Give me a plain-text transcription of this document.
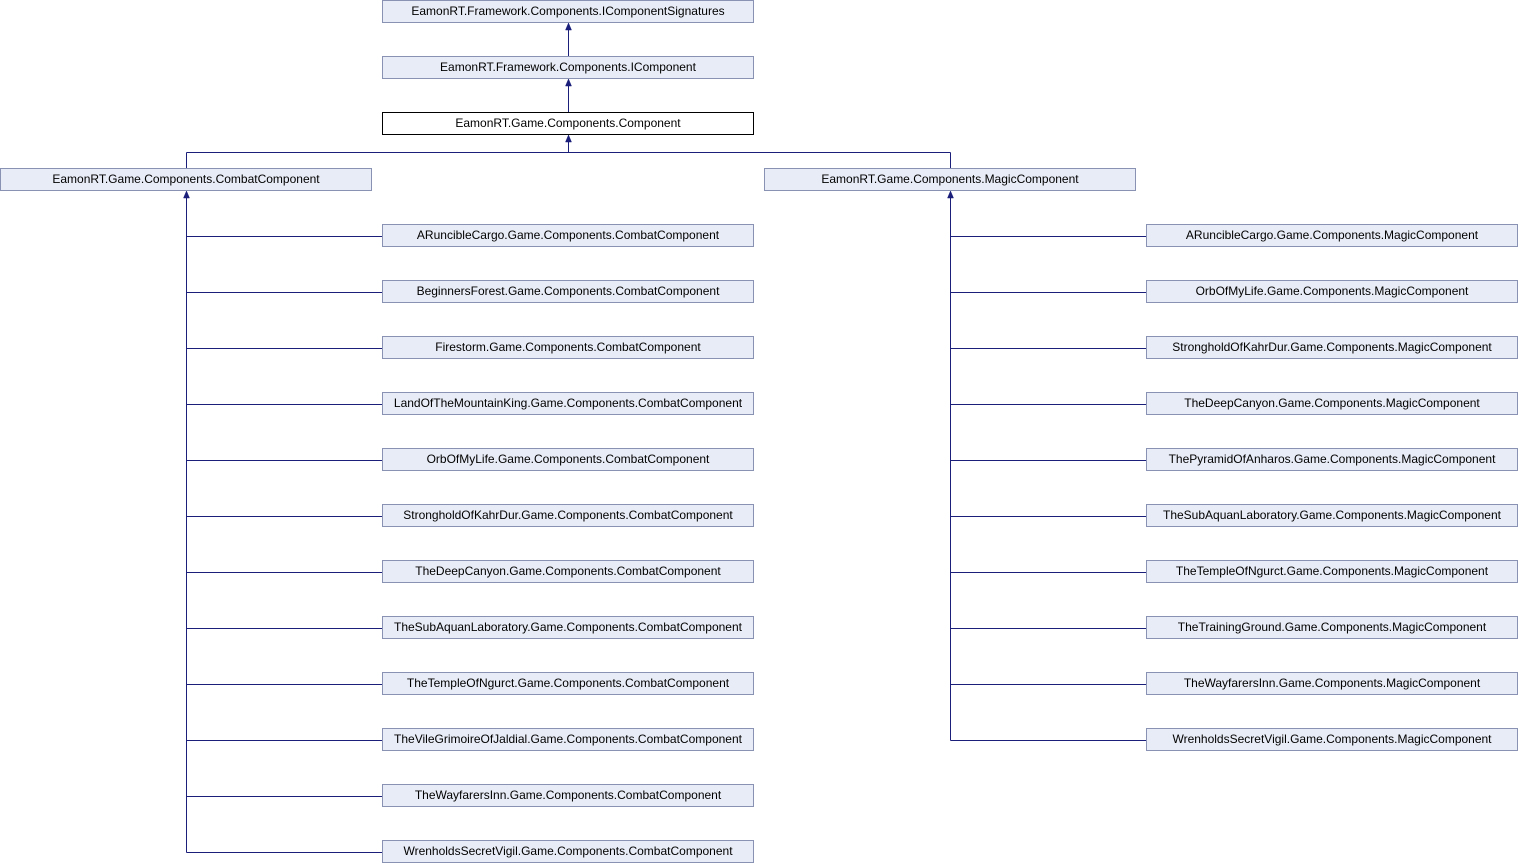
EamonRT.Framework.Components.IComponentSignatures
EamonRT.Framework.Components.IComponent
EamonRT.Game.Components.Component
EamonRT.Game.Components.CombatComponent	EamonRT.Game.Components.MagicComponent
ARuncibleCargo.Game.Components.CombatComponent
BeginnersForest.Game.Components.CombatComponent
Firestorm.Game.Components.CombatComponent
LandOfTheMountainKing.Game.Components.CombatComponent
OrbOfMyLife.Game.Components.CombatComponent
StrongholdOfKahrDur.Game.Components.CombatComponent
TheDeepCanyon.Game.Components.CombatComponent
TheSubAquanLaboratory.Game.Components.CombatComponent
TheTempleOfNgurct.Game.Components.CombatComponent
TheVileGrimoireOfJaldial.Game.Components.CombatComponent
TheWayfarersInn.Game.Components.CombatComponent
WrenholdsSecretVigil.Game.Components.CombatComponent
ARuncibleCargo.Game.Components.MagicComponent
OrbOfMyLife.Game.Components.MagicComponent
StrongholdOfKahrDur.Game.Components.MagicComponent
TheDeepCanyon.Game.Components.MagicComponent
ThePyramidOfAnharos.Game.Components.MagicComponent
TheSubAquanLaboratory.Game.Components.MagicComponent
TheTempleOfNgurct.Game.Components.MagicComponent
TheTrainingGround.Game.Components.MagicComponent
TheWayfarersInn.Game.Components.MagicComponent
WrenholdsSecretVigil.Game.Components.MagicComponent
